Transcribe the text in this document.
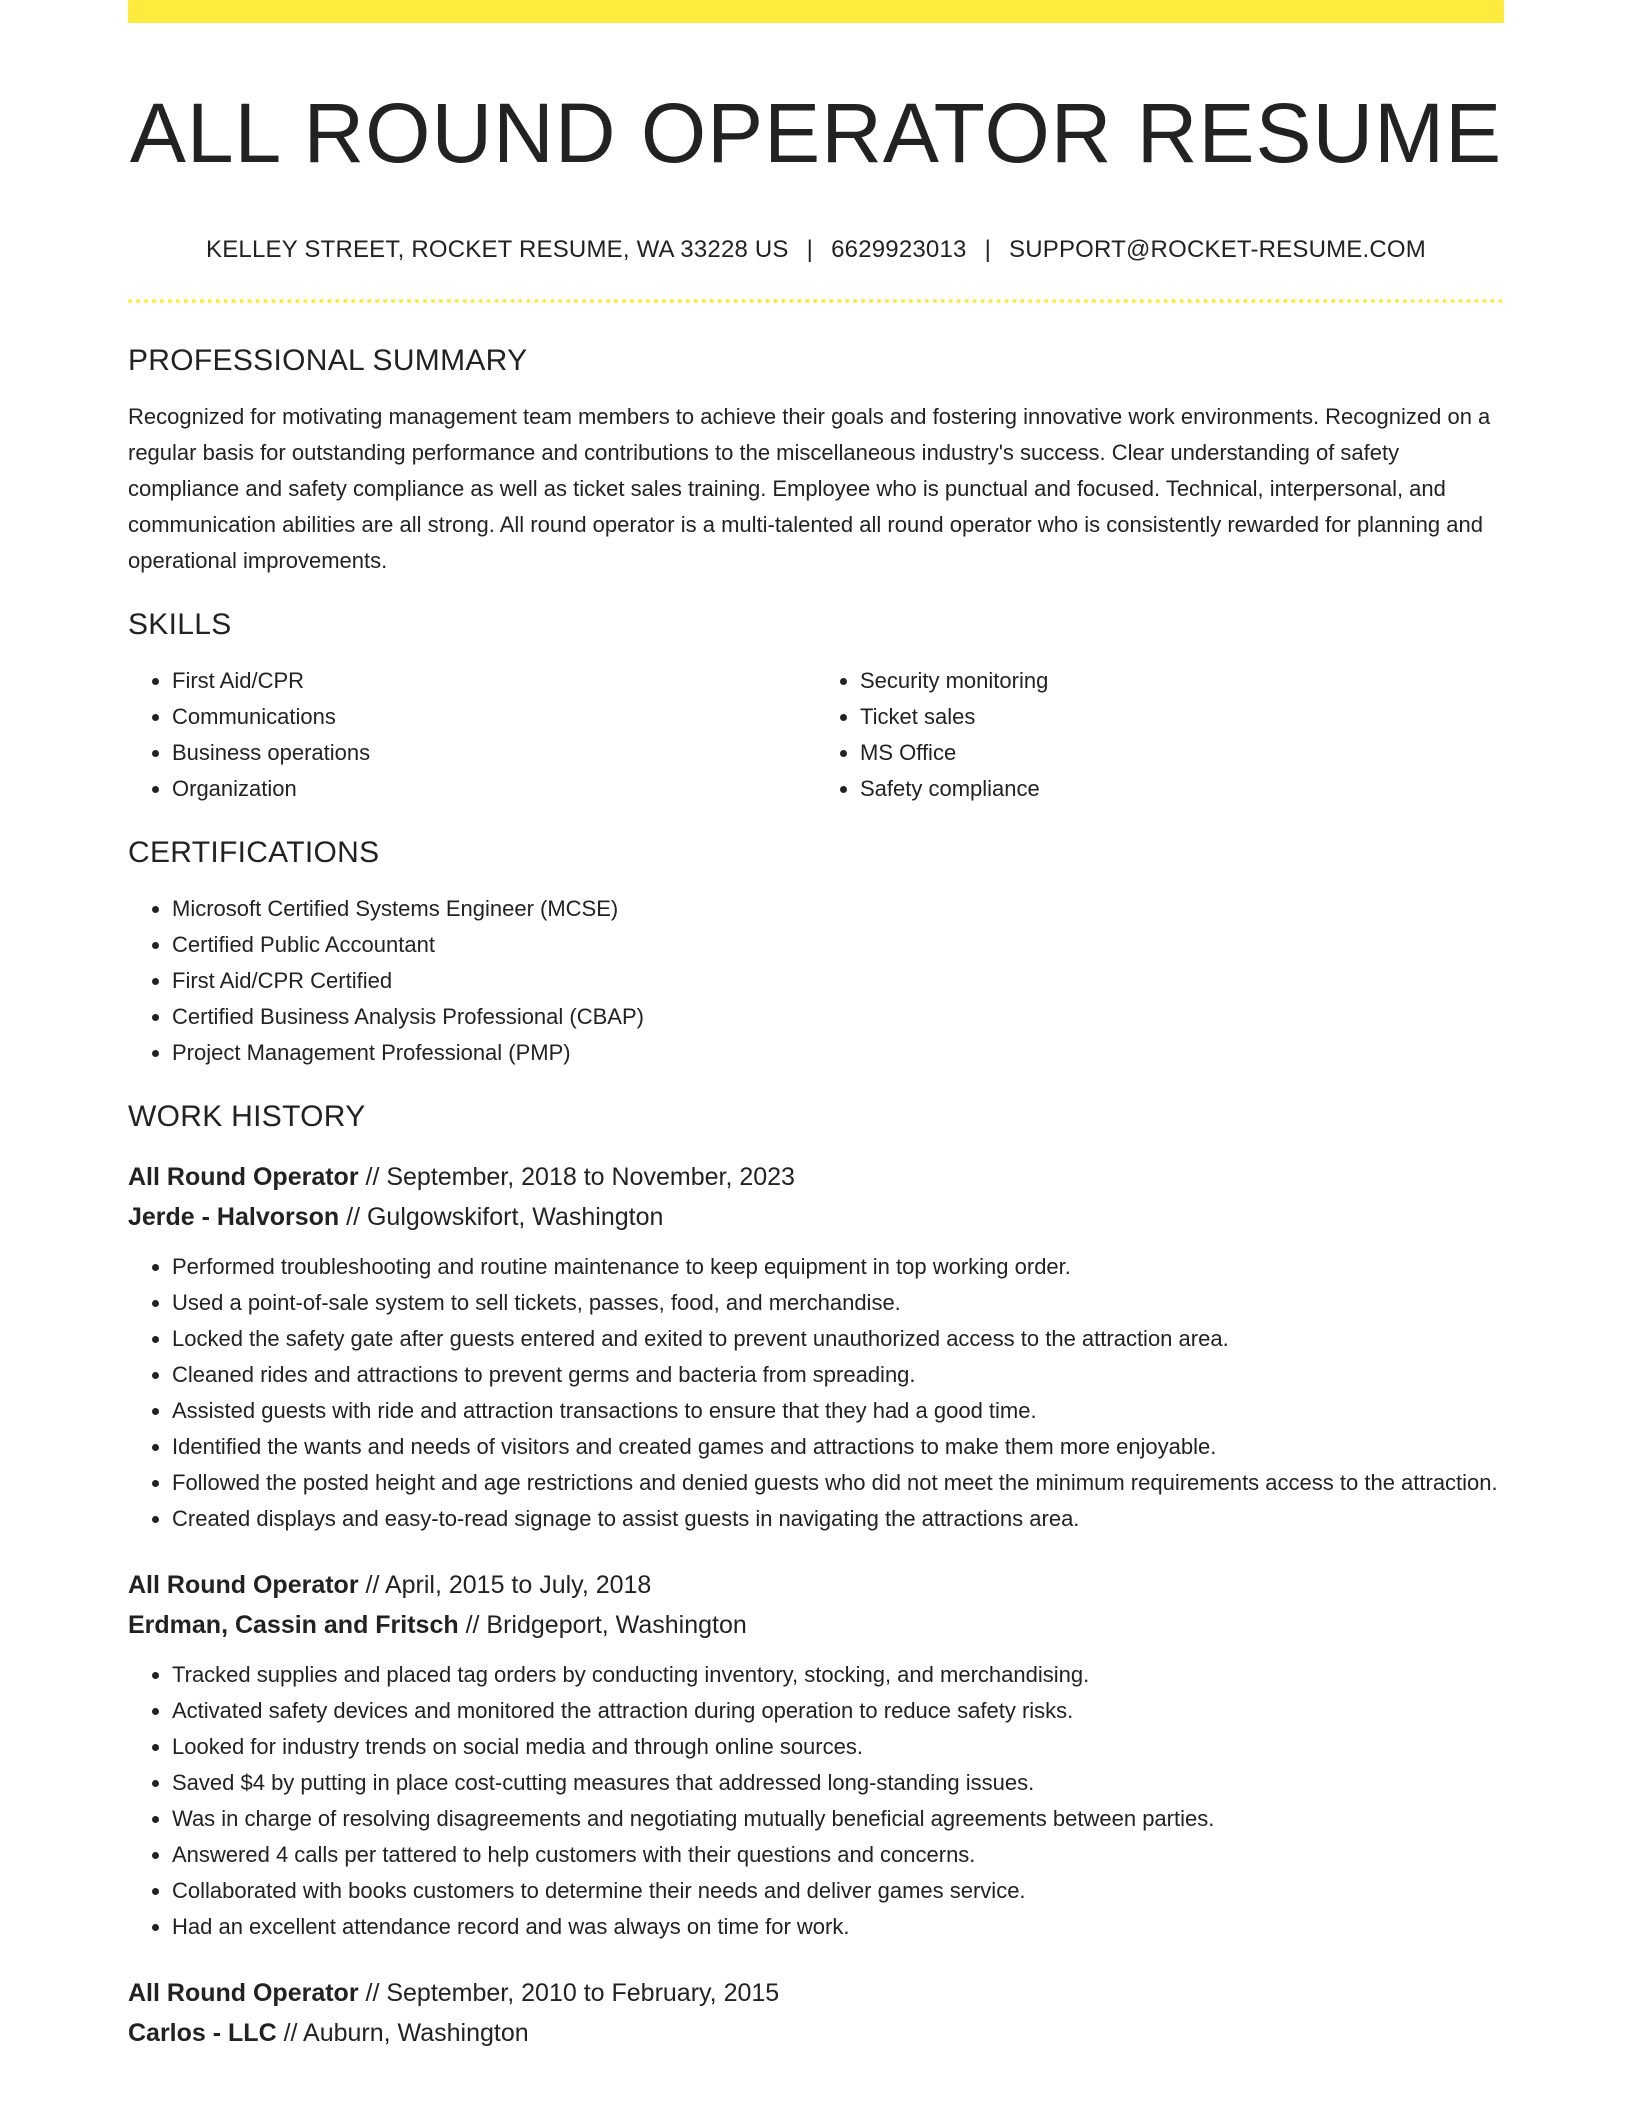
ALL ROUND OPERATOR RESUME
KELLEY STREET, ROCKET RESUME, WA 33228 US | 6629923013 | SUPPORT@ROCKET-RESUME.COM
PROFESSIONAL SUMMARY

Recognized for motivating management team members to achieve their goals and fostering innovative work environments. Recognized on a regular basis for outstanding performance and contributions to the miscellaneous industry's success. Clear understanding of safety compliance and safety compliance as well as ticket sales training. Employee who is punctual and focused. Technical, interpersonal, and communication abilities are all strong. All round operator is a multi-talented all round operator who is consistently rewarded for planning and operational improvements.

SKILLS
• First Aid/CPR
• Communications
• Business operations
• Organization
• Security monitoring
• Ticket sales
• MS Office
• Safety compliance
CERTIFICATIONS
• Microsoft Certified Systems Engineer (MCSE)
• Certified Public Accountant
• First Aid/CPR Certified
• Certified Business Analysis Professional (CBAP)
• Project Management Professional (PMP)
WORK HISTORY
All Round Operator // September, 2018 to November, 2023
Jerde - Halvorson // Gulgowskifort, Washington
• Performed troubleshooting and routine maintenance to keep equipment in top working order.
• Used a point-of-sale system to sell tickets, passes, food, and merchandise.
• Locked the safety gate after guests entered and exited to prevent unauthorized access to the attraction area.
• Cleaned rides and attractions to prevent germs and bacteria from spreading.
• Assisted guests with ride and attraction transactions to ensure that they had a good time.
• Identified the wants and needs of visitors and created games and attractions to make them more enjoyable.
• Followed the posted height and age restrictions and denied guests who did not meet the minimum requirements access to the attraction.
• Created displays and easy-to-read signage to assist guests in navigating the attractions area.
All Round Operator // April, 2015 to July, 2018
Erdman, Cassin and Fritsch // Bridgeport, Washington
• Tracked supplies and placed tag orders by conducting inventory, stocking, and merchandising.
• Activated safety devices and monitored the attraction during operation to reduce safety risks.
• Looked for industry trends on social media and through online sources.
• Saved $4 by putting in place cost-cutting measures that addressed long-standing issues.
• Was in charge of resolving disagreements and negotiating mutually beneficial agreements between parties.
• Answered 4 calls per tattered to help customers with their questions and concerns.
• Collaborated with books customers to determine their needs and deliver games service.
• Had an excellent attendance record and was always on time for work.
All Round Operator // September, 2010 to February, 2015
Carlos - LLC // Auburn, Washington
